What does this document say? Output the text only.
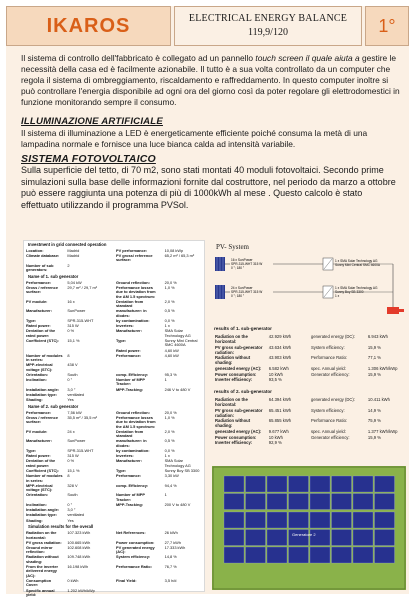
IKAROS	ELECTRICAL ENERGY BALANCE
119,9/120	1°
Il sistema di controllo dell'fabbricato è collegato ad un pannello touch screen il quale aiuta a gestire le necessità della casa ed è facilmente azionabile. Il tutto è a sua volta controllato da un computer che regola il sistema di ombreggiamento, riscaldamento e raffreddamento. In questo computer inoltre si può controllare l'energia disponibile ad ogni ora del giorno così da poter regolare gli elettrodomestici in funzione monitorando sempre il consumo.
ILLUMINAZIONE ARTIFICIALE
Il sistema di illuminazione a LED è energeticamente efficiente poiché consuma la metà di una lampadina normale e fornisce una luce bianca calda ad intensità variabile.
SISTEMA FOTOVOLTAICO
Sulla superficie del tetto, di 70 m2, sono stati montati 40 moduli fotovoltaici. Secondo prime simulazioni sulla base delle informazioni fornite dal costruttore, nel periodo da marzo a ottobre può essere raggiunta una potenza di più di 1000kWh al mese . Questo calcolo è stato effettuato utilizzando il programma PVSol.
Investment in grid connected operation
Location:	Madrid	PV performance:	10,08 kWp
Climate database:	Madrid	PV gross/ reference surface:	65,2 m² / 65,3 m²
Number of sub generators:	2		
Name of 1. sub generator
Performance:	5,04 kW	Ground reflection:	20,0 %
Gross / reference surface:	29,7 m² / 29,7 m²	Performance losses due to deviation from the AM 1.5 spectrum:	1,0 %
PV module:	16 x	Deviation from standard	2,0 %
Manufacturer:	SunPower	manufacturer: in diodes:	0,5 %
Type:	SPR-315-WHT	by contamination:	0,0 %
Rated power:	315 W	Inverters:	1 x
Deviation of the rated power:	0 %	Manufacturer:	SMA Solar Technology AG
Coefficient (STC):	15,1 %	Type:	Sunny Mini Central SMC 4600A
		Rated power:	4,60 kW
Number of modules in series:	8	Performance:	4,60 kW
MPP-electrical voltage (STC):	438 V		
Orientation:	South	comp. Efficiency:	95,3 %
Inclination:	0 °	Number of MPP Tracker:	1
Installation angle:	3,0 °	MPP-Tracking:	246 V to 480 V
Installation type:	ventilated		
Shading:	Yes		
Name of 2. sub generator
Performance:	7,56 kW	Ground reflection:	20,0 %
Gross / reference surface:	35,5 m² / 35,5 m²	Performance losses due to deviation from the AM 1.5 spectrum:	1,0 %
PV module:	24 x	Deviation from standard	2,0 %
Manufacturer:	SunPower	manufacturer: in diodes:	0,5 %
Type:	SPR-315-WHT	by contamination:	0,0 %
Rated power:	315 W	Inverters:	1 x
Deviation of the rated power:	0 %	Manufacturer:	SMA Solar Technology AG
Coefficient (STC):	15,1 %	Type:	Sunny Boy SB 3300
Number of modules in series:	8	Performance:	3,30 kW
MPP-electrical voltage (STC):	328 V	comp. Efficiency:	94,4 %
Orientation:	South	Number of MPP Tracker:	1
Inclination:	0 °	MPP-Tracking:	200 V to 480 V
Installation angle:	3,0 °		
Installation type:	ventilated		
Shading:	Yes		
Simulation results for the overall
Radiation on the horizontal:	107.323 kWh	Net References:	26 kWh
PV gross radiation:	100.665 kWh	Power consumption:	27,7 kWh
Ground mirror reflection:	102.608 kWh	PV generated energy (AC):	17.333 kWh
Radiation without shading:	109.748 kWh	System efficiency:	14,8 %
From the inverter delivered energy (AC):	16.198 kWh	Performance Ratio:	76,7 %
Consumption Cover:	0 kWh	Final Yield:	3,5 h/d
Specific annual yield:	1.202 kWh/kWp		
PV- System
16 x SunPower
SPR-315-WHT 315 W
0 °; 180 °
1 x SMA Solar Technology AG
Sunny Mini Central SMC 4600A
24 x SunPower
SPR-315-WHT 315 W
0 °; 180 °
1 x SMA Solar Technology AG
Sunny Boy SB 3300
1 x
results of 1. sub-generator
Radiation on the horizontal:	42.929 kWh	generated energy (DC):	6.943 kWh
PV gross sub-generator radiation:	43.634 kWh	System efficiency:	15,9 %
Radiation without shading:	43.903 kWh	Performance Ratio:	77,1 %
generated energy (AC):	6.582 kWh	spec. Annual yield:	1.306 kWh/kWp
Power consumption:	10 kWh	Generator efficiency:	15,9 %
Inverter efficiency:	93,5 %		
results of 2. sub-generator
Radiation on the horizontal:	64.394 kWh	generated energy (DC):	10.411 kWh
PV gross sub-generator radiation:	65.451 kWh	System efficiency:	14,9 %
Radiation without shading:	65.855 kWh	Performance Ratio:	75,9 %
generated energy (AC):	9.677 kWh	spec. Annual yield:	1.377 kWh/kWp
Power consumption:	10 kWh	Generator efficiency:	15,9 %
Inverter efficiency:	92,9 %		
Generatore 2
